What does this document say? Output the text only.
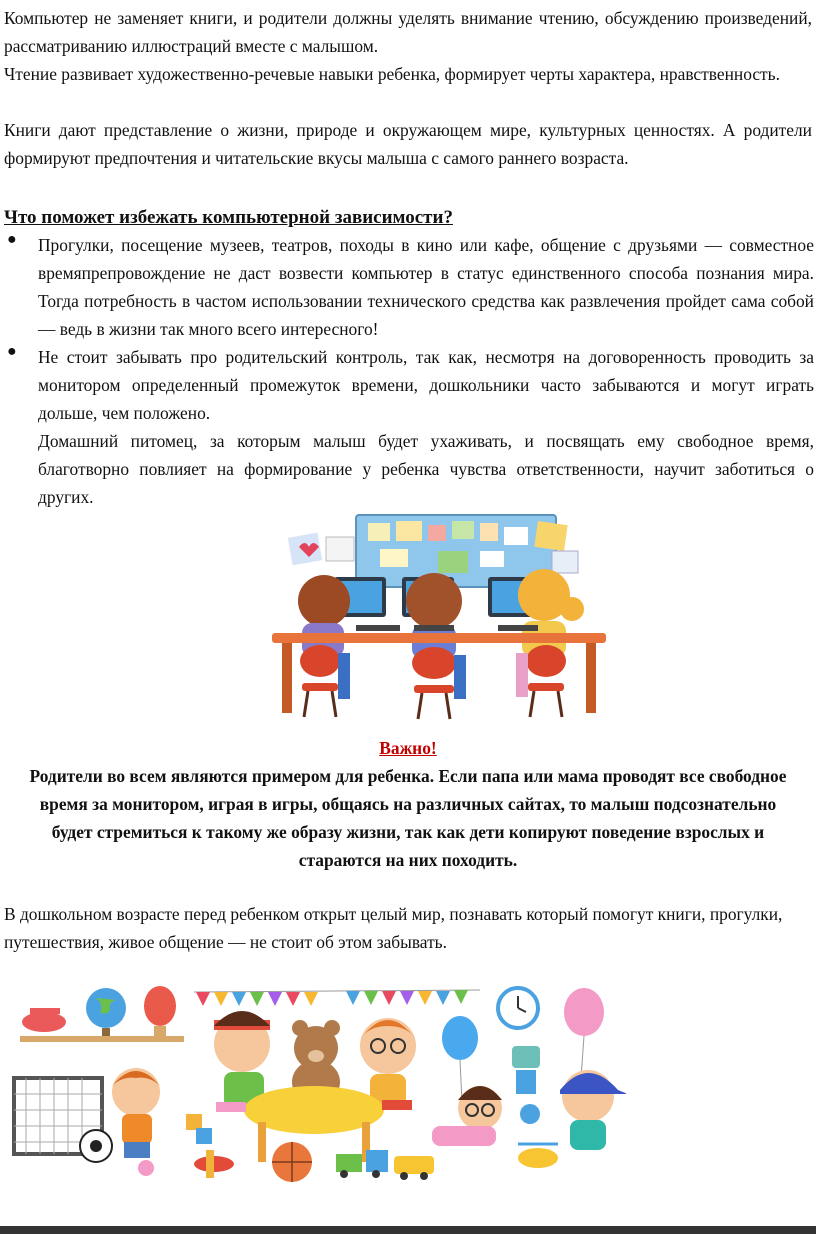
Компьютер не заменяет книги, и родители должны уделять внимание чтению, обсуждению произведений, рассматриванию иллюстраций вместе с малышом.

Чтение развивает художественно-речевые навыки ребенка, формирует черты характера, нравственность.

Книги дают представление о жизни, природе и окружающем мире, культурных ценностях. А родители формируют предпочтения и читательские вкусы малыша с самого раннего возраста.

Что поможет избежать компьютерной зависимости?
● Прогулки, посещение музеев, театров, походы в кино или кафе, общение с друзьями — совместное времяпрепровождение не даст возвести компьютер в статус единственного способа познания мира. Тогда потребность в частом использовании технического средства как развлечения пройдет сама собой — ведь в жизни так много всего интересного!

● Не стоит забывать про родительский контроль, так как, несмотря на договоренность проводить за монитором определенный промежуток времени, дошкольники часто забываются и могут играть дольше, чем положено.

Домашний питомец, за которым малыш будет ухаживать, и посвящать ему свободное время, благотворно повлияет на формирование у ребенка чувства ответственности, научит заботиться о других.

Важно!
Родители во всем являются примером для ребенка. Если папа или мама проводят все свободное время за монитором, играя в игры, общаясь на различных сайтах, то малыш подсознательно будет стремиться к такому же образу жизни, так как дети копируют поведение взрослых и стараются на них походить.

В дошкольном возрасте перед ребенком открыт целый мир, познавать который помогут книги, прогулки, путешествия, живое общение — не стоит об этом забывать.
